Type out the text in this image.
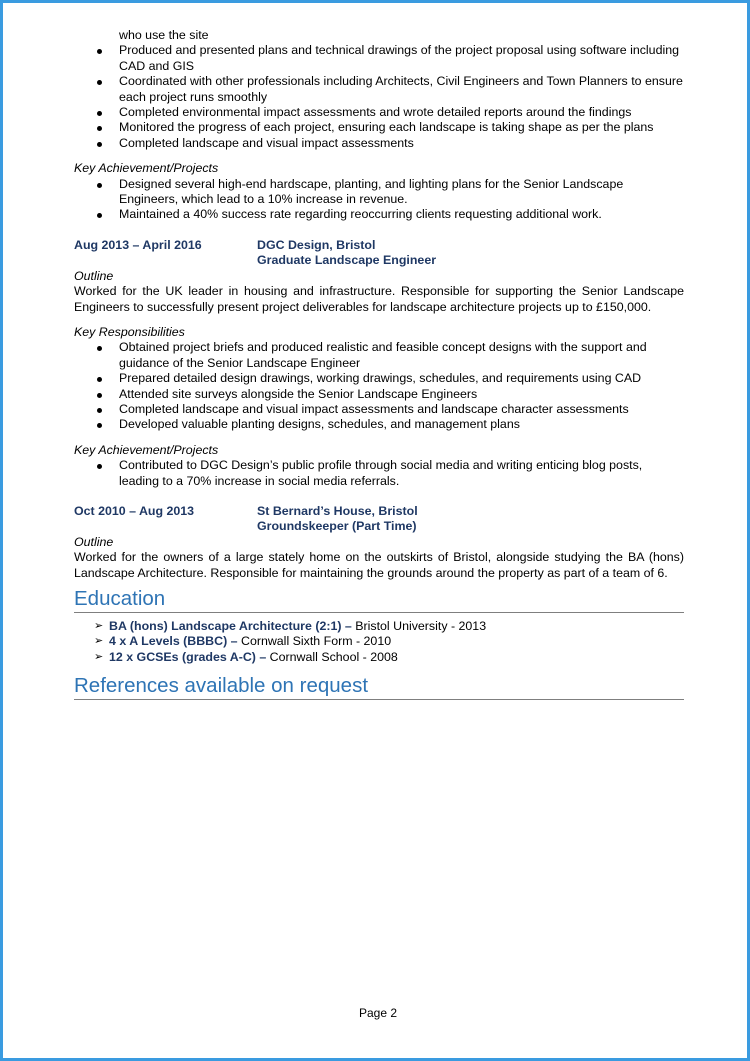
who use the site
Produced and presented plans and technical drawings of the project proposal using software including CAD and GIS
Coordinated with other professionals including Architects, Civil Engineers and Town Planners to ensure each project runs smoothly
Completed environmental impact assessments and wrote detailed reports around the findings
Monitored the progress of each project, ensuring each landscape is taking shape as per the plans
Completed landscape and visual impact assessments
Key Achievement/Projects
Designed several high-end hardscape, planting, and lighting plans for the Senior Landscape Engineers, which lead to a 10% increase in revenue.
Maintained a 40% success rate regarding reoccurring clients requesting additional work.
Aug 2013 – April 2016	DGC Design, Bristol
Graduate Landscape Engineer
Outline
Worked for the UK leader in housing and infrastructure. Responsible for supporting the Senior Landscape Engineers to successfully present project deliverables for landscape architecture projects up to £150,000.
Key Responsibilities
Obtained project briefs and produced realistic and feasible concept designs with the support and guidance of the Senior Landscape Engineer
Prepared detailed design drawings, working drawings, schedules, and requirements using CAD
Attended site surveys alongside the Senior Landscape Engineers
Completed landscape and visual impact assessments and landscape character assessments
Developed valuable planting designs, schedules, and management plans
Key Achievement/Projects
Contributed to DGC Design’s public profile through social media and writing enticing blog posts, leading to a 70% increase in social media referrals.
Oct 2010 – Aug 2013	St Bernard’s House, Bristol
Groundskeeper (Part Time)
Outline
Worked for the owners of a large stately home on the outskirts of Bristol, alongside studying the BA (hons) Landscape Architecture. Responsible for maintaining the grounds around the property as part of a team of 6.
Education
➢ BA (hons) Landscape Architecture (2:1) – Bristol University - 2013
➢ 4 x A Levels (BBBC) – Cornwall Sixth Form - 2010
➢ 12 x GCSEs (grades A-C) – Cornwall School - 2008
References available on request
Page 2
